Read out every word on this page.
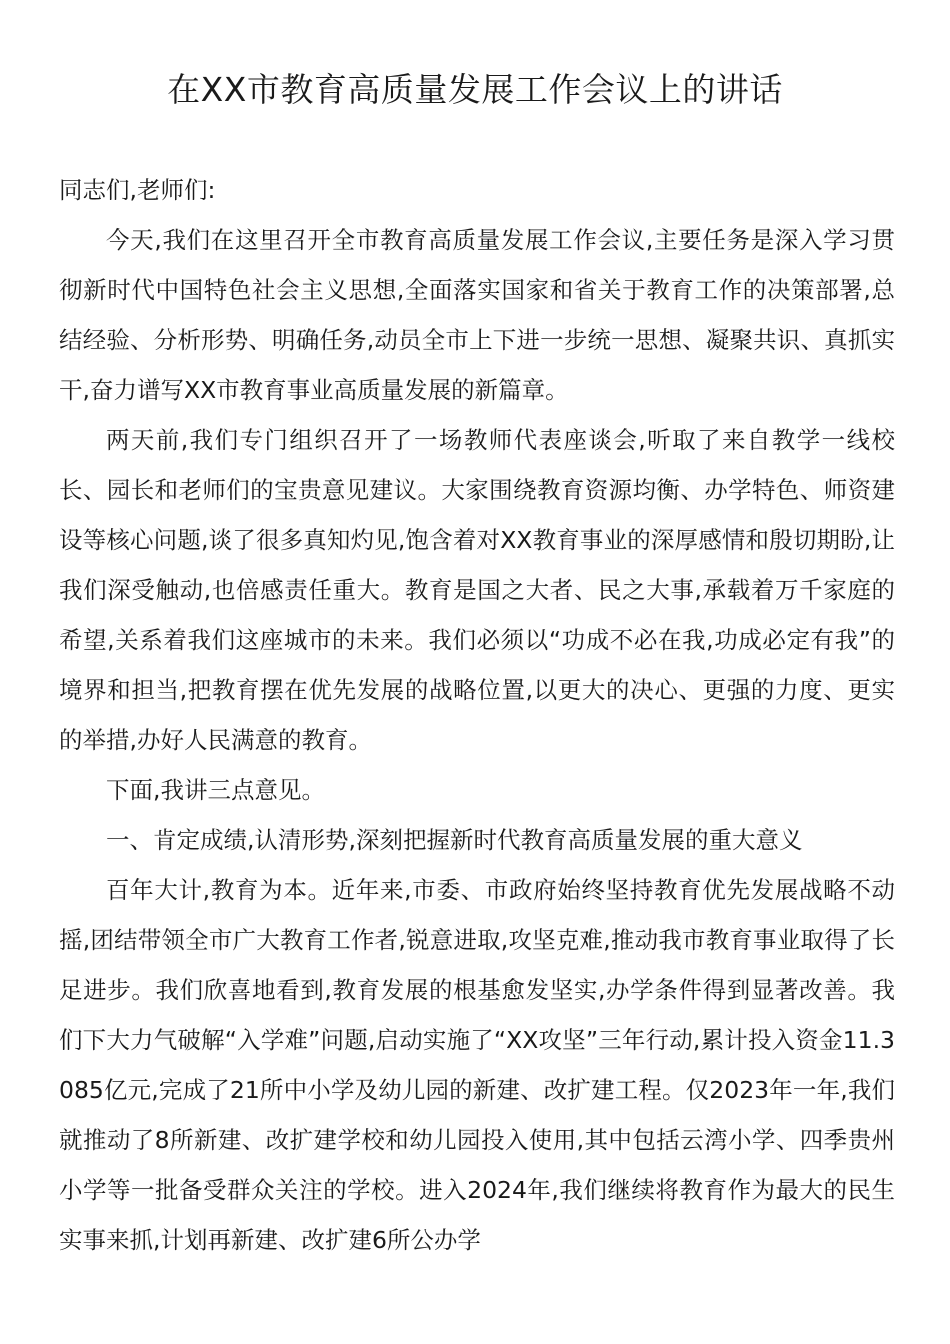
在XX市教育高质量发展工作会议上的讲话

同志们,老师们:

今天,我们在这里召开全市教育高质量发展工作会议,主要任务是深入学习贯彻新时代中国特色社会主义思想,全面落实国家和省关于教育工作的决策部署,总结经验、分析形势、明确任务,动员全市上下进一步统一思想、凝聚共识、真抓实干,奋力谱写XX市教育事业高质量发展的新篇章。

两天前,我们专门组织召开了一场教师代表座谈会,听取了来自教学一线校长、园长和老师们的宝贵意见建议。大家围绕教育资源均衡、办学特色、师资建设等核心问题,谈了很多真知灼见,饱含着对XX教育事业的深厚感情和殷切期盼,让我们深受触动,也倍感责任重大。教育是国之大者、民之大事,承载着万千家庭的希望,关系着我们这座城市的未来。我们必须以“功成不必在我,功成必定有我”的境界和担当,把教育摆在优先发展的战略位置,以更大的决心、更强的力度、更实的举措,办好人民满意的教育。

下面,我讲三点意见。

一、肯定成绩,认清形势,深刻把握新时代教育高质量发展的重大意义

百年大计,教育为本。近年来,市委、市政府始终坚持教育优先发展战略不动摇,团结带领全市广大教育工作者,锐意进取,攻坚克难,推动我市教育事业取得了长足进步。我们欣喜地看到,教育发展的根基愈发坚实,办学条件得到显著改善。我们下大力气破解“入学难”问题,启动实施了“XX攻坚”三年行动,累计投入资金11.3085亿元,完成了21所中小学及幼儿园的新建、改扩建工程。仅2023年一年,我们就推动了8所新建、改扩建学校和幼儿园投入使用,其中包括云湾小学、四季贵州小学等一批备受群众关注的学校。进入2024年,我们继续将教育作为最大的民生实事来抓,计划再新建、改扩建6所公办学
